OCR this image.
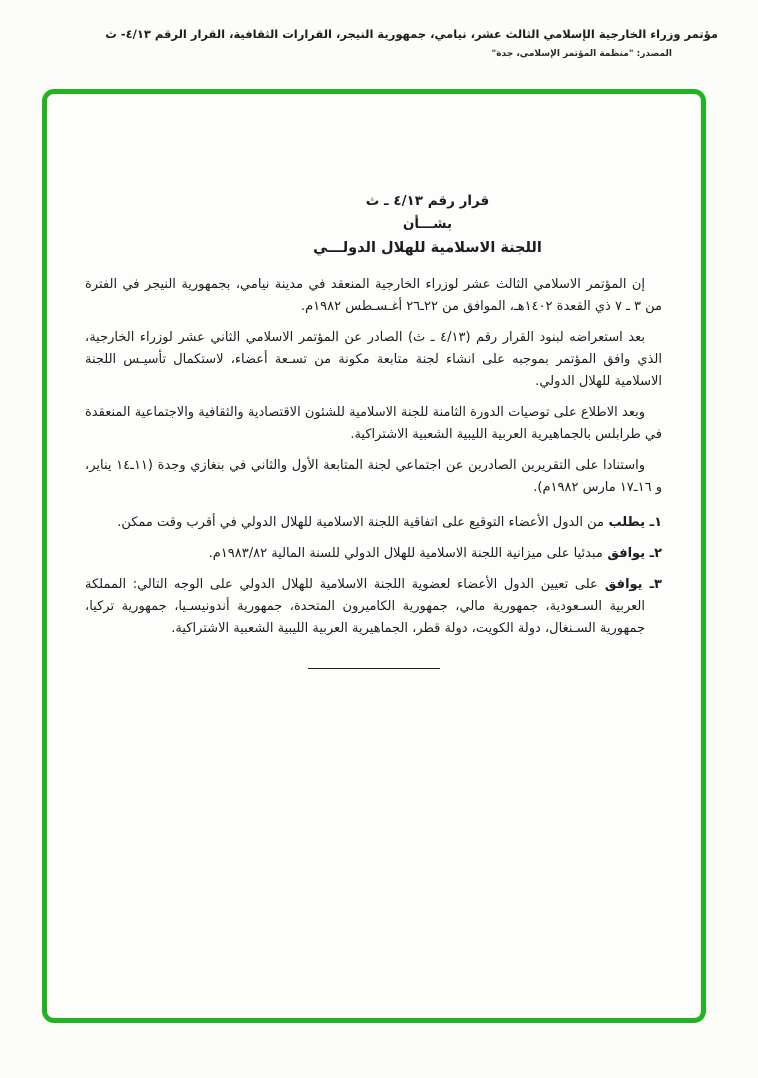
مؤتمر وزراء الخارجية الإسلامي الثالث عشر، نيامي، جمهورية النيجر، القرارات الثقافية، القرار الرقم ٤/١٣- ث
المصدر: "منظمة المؤتمر الإسلامي، جدة"
قرار رقم ٤/١٣ ـ ث
بشـــأن
اللجنة الاسلامية للهلال الدولـــي

إن المؤتمر الاسلامي الثالث عشر لوزراء الخارجية المنعقد في مدينة نيامي، بجمهورية النيجر في الفترة من ٣ ـ ٧ ذي القعدة ١٤٠٢هـ، الموافق من ٢٢ـ٢٦ أغـسـطس ١٩٨٢م.

بعد استعراضه لبنود القرار رقم (٤/١٣ ـ ث) الصادر عن المؤتمر الاسلامي الثاني عشر لوزراء الخارجية، الذي وافق المؤتمر بموجبه على انشاء لجنة متابعة مكونة من تسـعة أعضاء، لاستكمال تأسيـس اللجنة الاسلامية للهلال الدولي.

وبعد الاطلاع على توصيات الدورة الثامنة للجنة الاسلامية للشئون الاقتصادية والثقافية والاجتماعية المنعقدة في طرابلس بالجماهيرية العربية الليبية الشعبية الاشتراكية.

واستنادا على التقريرين الصادرين عن اجتماعي لجنة المتابعة الأول والثاني في بنغازي وجدة (١١ـ١٤ يناير، و ١٦ـ١٧ مارس ١٩٨٢م).

١ـ يطلب من الدول الأعضاء التوقيع على اتفاقية اللجنة الاسلامية للهلال الدولي في أقرب وقت ممكن.
٢ـ يوافق مبدئيا على ميزانية اللجنة الاسلامية للهلال الدولي للسنة المالية ١٩٨٣/٨٢م.
٣ـ يوافق على تعيين الدول الأعضاء لعضوية اللجنة الاسلامية للهلال الدولي على الوجه التالي: المملكة العربية السـعودية، جمهورية مالي، جمهورية الكاميرون المتحدة، جمهورية أندونيسـيا، جمهورية تركيا، جمهورية السـنغال، دولة الكويت، دولة قطر، الجماهيرية العربية الليبية الشعبية الاشتراكية.
